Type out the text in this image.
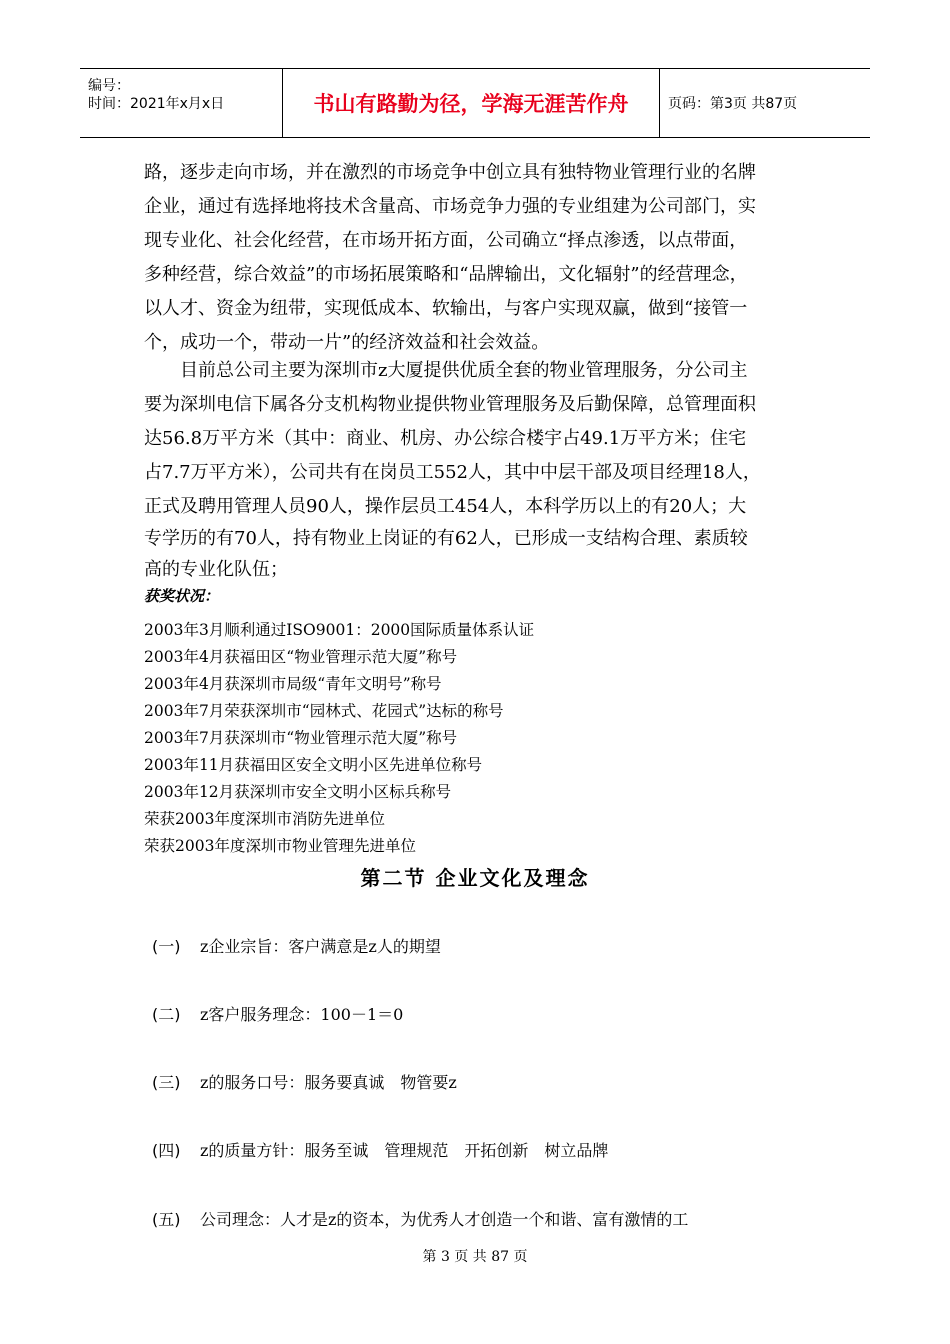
编号：
时间：2021年x月x日	书山有路勤为径，学海无涯苦作舟	页码：第3页 共87页
路，逐步走向市场，并在激烈的市场竞争中创立具有独特物业管理行业的名牌
企业，通过有选择地将技术含量高、市场竞争力强的专业组建为公司部门，实
现专业化、社会化经营，在市场开拓方面，公司确立“择点渗透，以点带面，
多种经营，综合效益”的市场拓展策略和“品牌输出，文化辐射”的经营理念，
以人才、资金为纽带，实现低成本、软输出，与客户实现双赢，做到“接管一
个，成功一个，带动一片”的经济效益和社会效益。
　　目前总公司主要为深圳市z大厦提供优质全套的物业管理服务，分公司主
要为深圳电信下属各分支机构物业提供物业管理服务及后勤保障，总管理面积
达56.8万平方米（其中：商业、机房、办公综合楼宇占49.1万平方米；住宅
占7.7万平方米），公司共有在岗员工552人，其中中层干部及项目经理18人，
正式及聘用管理人员90人，操作层员工454人，本科学历以上的有20人；大
专学历的有70人，持有物业上岗证的有62人，已形成一支结构合理、素质较
高的专业化队伍；
获奖状况：
2003年3月顺利通过ISO9001：2000国际质量体系认证
2003年4月获福田区“物业管理示范大厦”称号
2003年4月获深圳市局级“青年文明号”称号
2003年7月荣获深圳市“园林式、花园式”达标的称号
2003年7月获深圳市“物业管理示范大厦”称号
2003年11月获福田区安全文明小区先进单位称号
2003年12月获深圳市安全文明小区标兵称号
荣获2003年度深圳市消防先进单位
荣获2003年度深圳市物业管理先进单位
第二节 企业文化及理念
(一) z企业宗旨：客户满意是z人的期望
(二) z客户服务理念：100－1＝0
(三) z的服务口号：服务要真诚　物管要z
(四) z的质量方针：服务至诚　管理规范　开拓创新　树立品牌
(五) 公司理念：人才是z的资本，为优秀人才创造一个和谐、富有激情的工
第 3 页 共 87 页
